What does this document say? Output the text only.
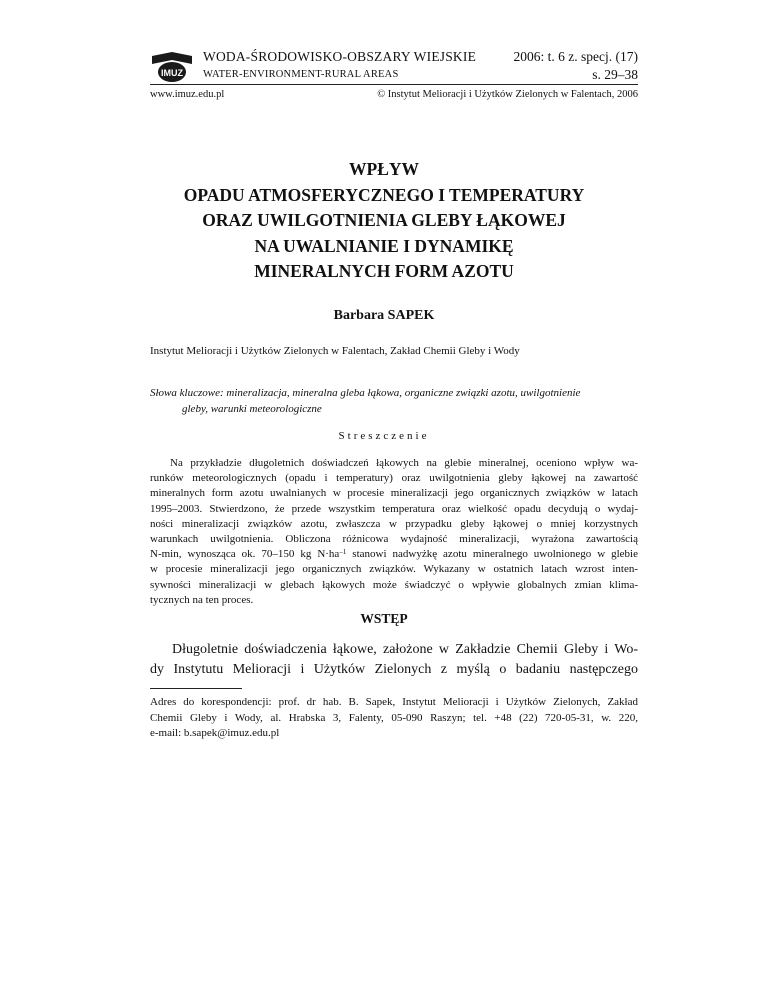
IMUZ
WODA-ŚRODOWISKO-OBSZARY WIEJSKIE
WATER-ENVIRONMENT-RURAL AREAS
2006: t. 6 z. specj. (17)
s. 29–38
www.imuz.edu.pl	© Instytut Melioracji i Użytków Zielonych w Falentach, 2006
WPŁYW
OPADU ATMOSFERYCZNEGO I TEMPERATURY
ORAZ UWILGOTNIENIA GLEBY ŁĄKOWEJ
NA UWALNIANIE I DYNAMIKĘ
MINERALNYCH FORM AZOTU
Barbara SAPEK
Instytut Melioracji i Użytków Zielonych w Falentach, Zakład Chemii Gleby i Wody
Słowa kluczowe: mineralizacja, mineralna gleba łąkowa, organiczne związki azotu, uwilgotnienie
gleby, warunki meteorologiczne
Streszczenie
Na przykładzie długoletnich doświadczeń łąkowych na glebie mineralnej, oceniono wpływ wa-
runków meteorologicznych (opadu i temperatury) oraz uwilgotnienia gleby łąkowej na zawartość
mineralnych form azotu uwalnianych w procesie mineralizacji jego organicznych związków w latach
1995–2003. Stwierdzono, że przede wszystkim temperatura oraz wielkość opadu decydują o wydaj-
ności mineralizacji związków azotu, zwłaszcza w przypadku gleby łąkowej o mniej korzystnych
warunkach uwilgotnienia. Obliczona różnicowa wydajność mineralizacji, wyrażona zawartością
N-min, wynosząca ok. 70–150 kg $N\cdot ha^{-1}$ stanowi nadwyżkę azotu mineralnego uwolnionego w glebie
w procesie mineralizacji jego organicznych związków. Wykazany w ostatnich latach wzrost inten-
sywności mineralizacji w glebach łąkowych może świadczyć o wpływie globalnych zmian klima-
tycznych na ten proces.
WSTĘP
Długoletnie doświadczenia łąkowe, założone w Zakładzie Chemii Gleby i Wo-
dy Instytutu Melioracji i Użytków Zielonych z myślą o badaniu następczego
Adres do korespondencji: prof. dr hab. B. Sapek, Instytut Melioracji i Użytków Zielonych, Zakład
Chemii Gleby i Wody, al. Hrabska 3, Falenty, 05-090 Raszyn; tel. +48 (22) 720-05-31, w. 220,
e-mail: b.sapek@imuz.edu.pl
